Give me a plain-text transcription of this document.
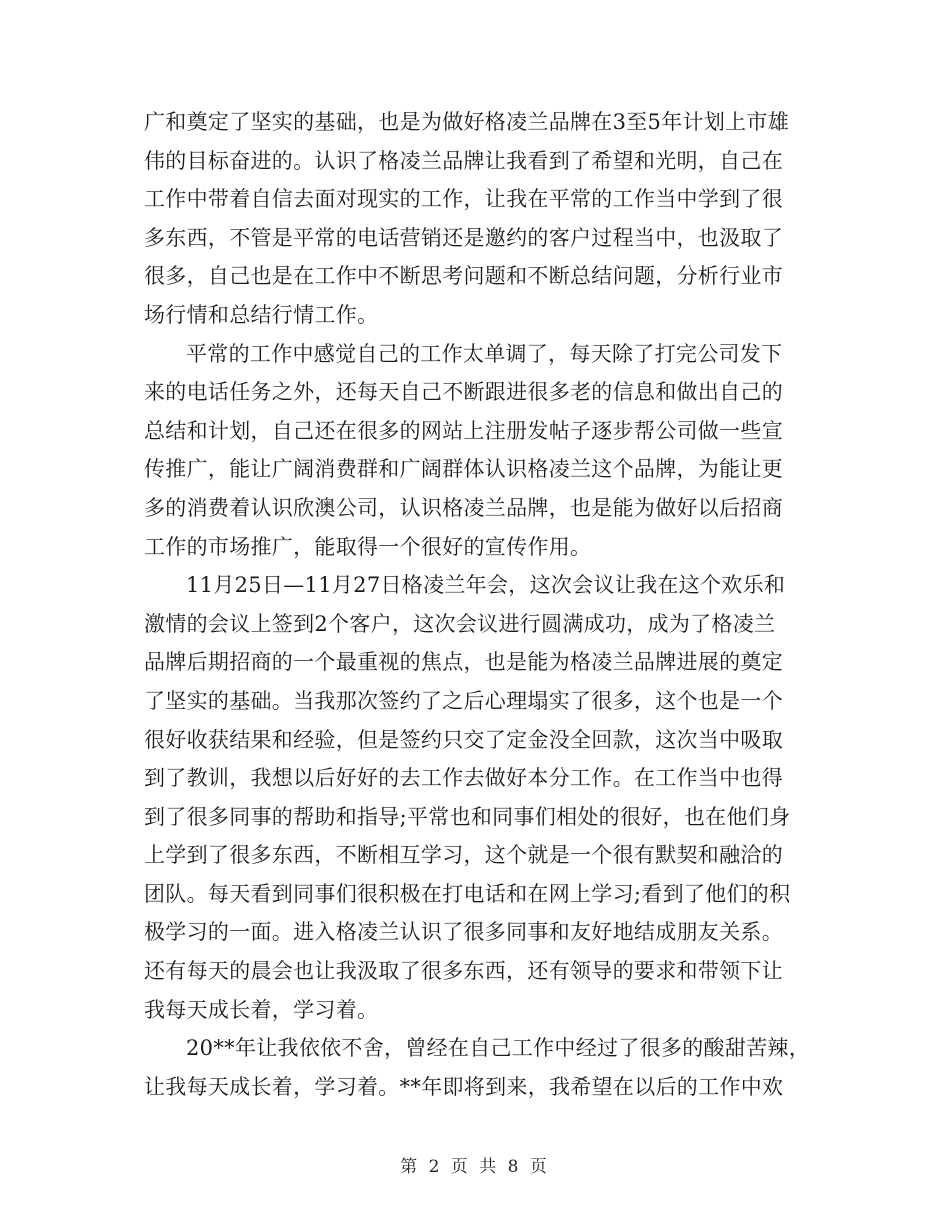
广和奠定了坚实的基础，也是为做好格凌兰品牌在3至5年计划上市雄
伟的目标奋进的。认识了格凌兰品牌让我看到了希望和光明，自己在
工作中带着自信去面对现实的工作，让我在平常的工作当中学到了很
多东西，不管是平常的电话营销还是邀约的客户过程当中，也汲取了
很多，自己也是在工作中不断思考问题和不断总结问题，分析行业市
场行情和总结行情工作。
平常的工作中感觉自己的工作太单调了，每天除了打完公司发下
来的电话任务之外，还每天自己不断跟进很多老的信息和做出自己的
总结和计划，自己还在很多的网站上注册发帖子逐步帮公司做一些宣
传推广，能让广阔消费群和广阔群体认识格凌兰这个品牌，为能让更
多的消费着认识欣澳公司，认识格凌兰品牌，也是能为做好以后招商
工作的市场推广，能取得一个很好的宣传作用。
11月25日—11月27日格凌兰年会，这次会议让我在这个欢乐和
激情的会议上签到2个客户，这次会议进行圆满成功，成为了格凌兰
品牌后期招商的一个最重视的焦点，也是能为格凌兰品牌进展的奠定
了坚实的基础。当我那次签约了之后心理塌实了很多，这个也是一个
很好收获结果和经验，但是签约只交了定金没全回款，这次当中吸取
到了教训，我想以后好好的去工作去做好本分工作。在工作当中也得
到了很多同事的帮助和指导;平常也和同事们相处的很好，也在他们身
上学到了很多东西，不断相互学习，这个就是一个很有默契和融洽的
团队。每天看到同事们很积极在打电话和在网上学习;看到了他们的积
极学习的一面。进入格凌兰认识了很多同事和友好地结成朋友关系。
还有每天的晨会也让我汲取了很多东西，还有领导的要求和带领下让
我每天成长着，学习着。
20**年让我依依不舍，曾经在自己工作中经过了很多的酸甜苦辣，
让我每天成长着，学习着。**年即将到来，我希望在以后的工作中欢
第 2 页 共 8 页
